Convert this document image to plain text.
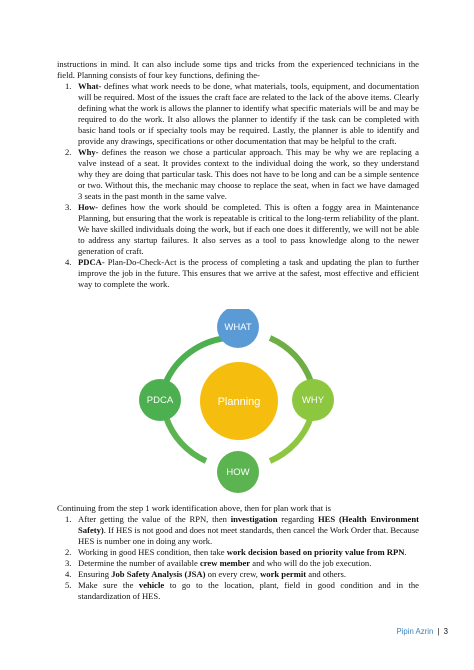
instructions in mind. It can also include some tips and tricks from the experienced technicians in the field. Planning consists of four key functions, defining the-

1. What- defines what work needs to be done, what materials, tools, equipment, and documentation will be required. Most of the issues the craft face are related to the lack of the above items. Clearly defining what the work is allows the planner to identify what specific materials will be and may be required to do the work. It also allows the planner to identify if the task can be completed with basic hand tools or if specialty tools may be required. Lastly, the planner is able to identify and provide any drawings, specifications or other documentation that may be helpful to the craft.
2. Why- defines the reason we chose a particular approach. This may be why we are replacing a valve instead of a seat. It provides context to the individual doing the work, so they understand why they are doing that particular task. This does not have to be long and can be a simple sentence or two. Without this, the mechanic may choose to replace the seat, when in fact we have damaged 3 seats in the past month in the same valve.
3. How- defines how the work should be completed. This is often a foggy area in Maintenance Planning, but ensuring that the work is repeatable is critical to the long-term reliability of the plant. We have skilled individuals doing the work, but if each one does it differently, we will not be able to address any startup failures. It also serves as a tool to pass knowledge along to the newer generation of craft.
4. PDCA- Plan-Do-Check-Act is the process of completing a task and updating the plan to further improve the job in the future. This ensures that we arrive at the safest, most effective and efficient way to complete the work.
Planning
WHAT
WHY
HOW
PDCA

Continuing from the step 1 work identification above, then for plan work that is

1. After getting the value of the RPN, then investigation regarding HES (Health Environment Safety). If HES is not good and does not meet standards, then cancel the Work Order that. Because HES is number one in doing any work.
2. Working in good HES condition, then take work decision based on priority value from RPN.
3. Determine the number of available crew member and who will do the job execution.
4. Ensuring Job Safety Analysis (JSA) on every crew, work permit and others.
5. Make sure the vehicle to go to the location, plant, field in good condition and in the standardization of HES.
Pipin Azrin | 3
